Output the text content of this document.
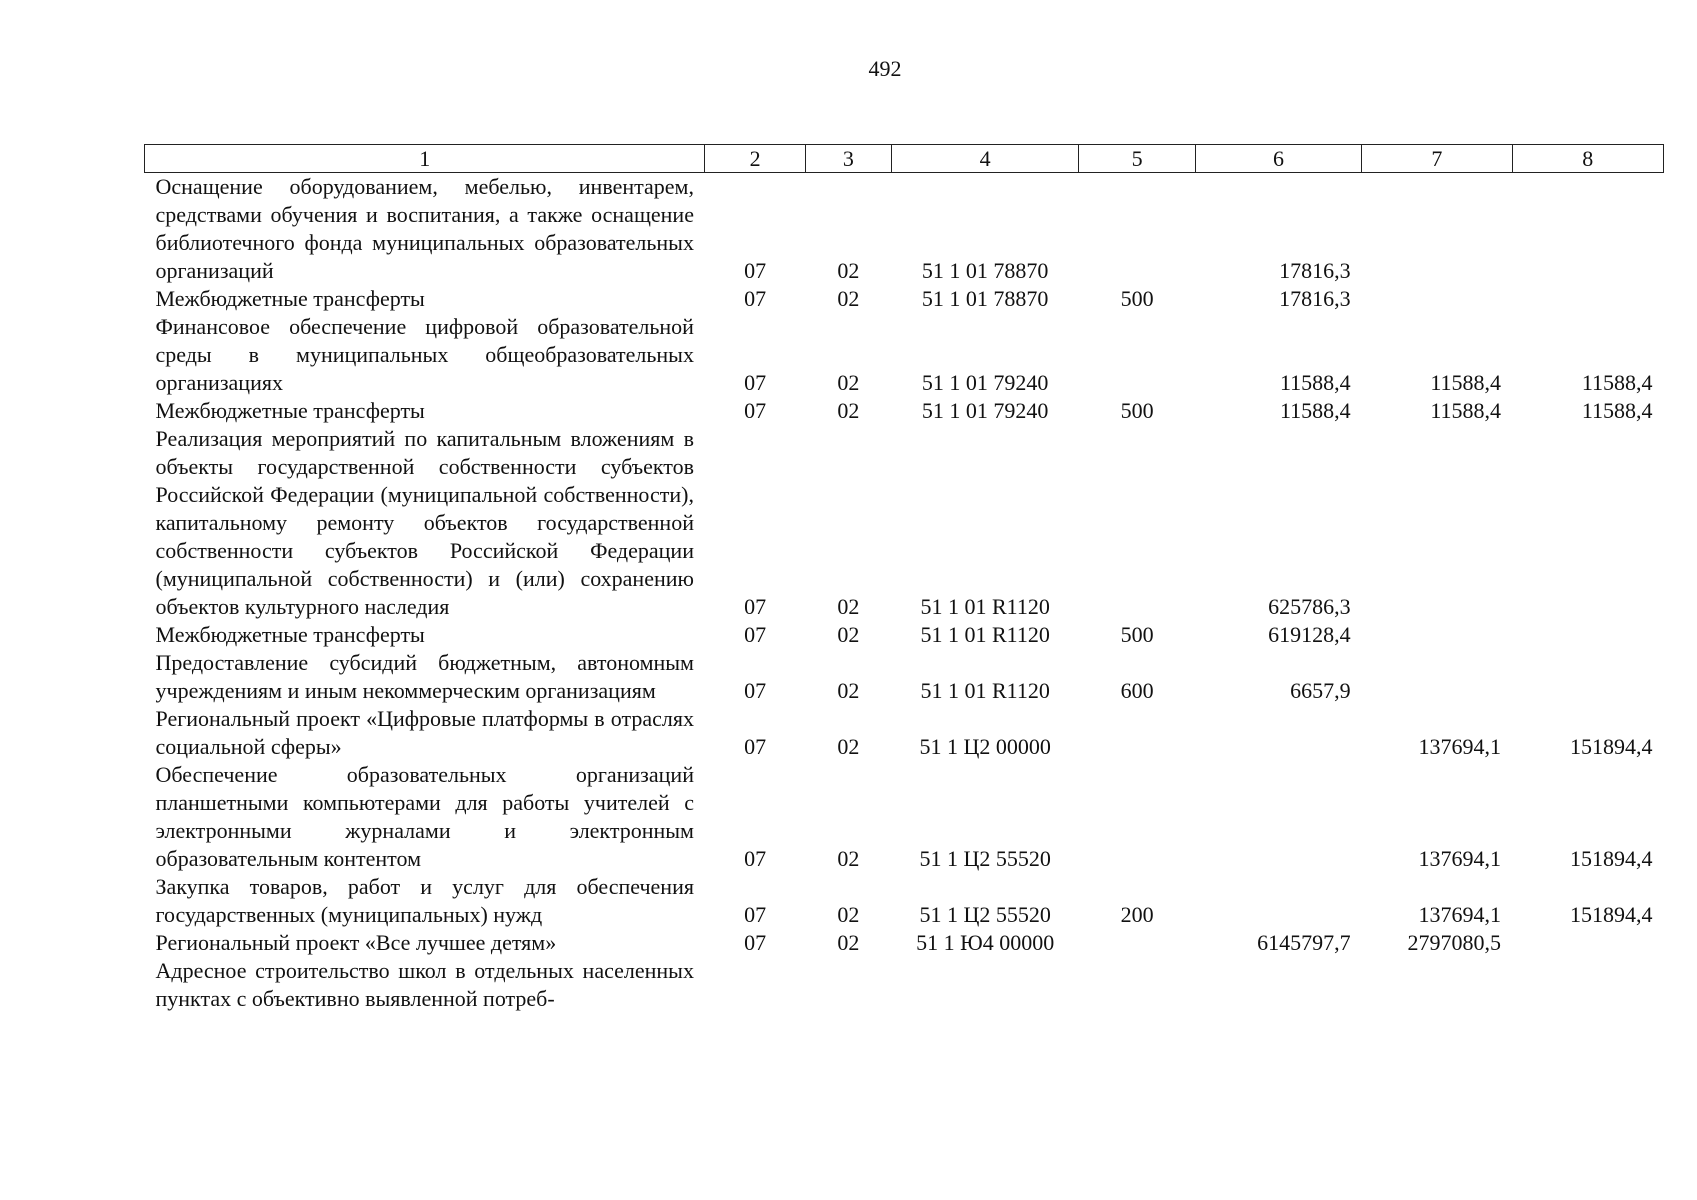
492
1	2	3	4	5	6	7	8
Оснащение оборудованием, мебелью, инвентарем, средствами обучения и воспитания, а также оснащение библиотечного фонда муниципальных образовательных организаций	07	02	51 1 01 78870		17816,3		
Межбюджетные трансферты	07	02	51 1 01 78870	500	17816,3		
Финансовое обеспечение цифровой образовательной среды в муниципальных общеобразовательных организациях	07	02	51 1 01 79240		11588,4	11588,4	11588,4
Межбюджетные трансферты	07	02	51 1 01 79240	500	11588,4	11588,4	11588,4
Реализация мероприятий по капитальным вложениям в объекты государственной собственности субъектов Российской Федерации (муниципальной собственности), капитальному ремонту объектов государственной собственности субъектов Российской Федерации (муниципальной собственности) и (или) сохранению объектов культурного наследия	07	02	51 1 01 R1120		625786,3		
Межбюджетные трансферты	07	02	51 1 01 R1120	500	619128,4		
Предоставление субсидий бюджетным, автономным учреждениям и иным некоммерческим организациям	07	02	51 1 01 R1120	600	6657,9		
Региональный проект «Цифровые платформы в отраслях социальной сферы»	07	02	51 1 Ц2 00000			137694,1	151894,4
Обеспечение образовательных организаций планшетными компьютерами для работы учителей с электронными журналами и электронным образовательным контентом	07	02	51 1 Ц2 55520			137694,1	151894,4
Закупка товаров, работ и услуг для обеспечения государственных (муниципальных) нужд	07	02	51 1 Ц2 55520	200		137694,1	151894,4
Региональный проект «Все лучшее детям»	07	02	51 1 Ю4 00000		6145797,7	2797080,5	
Адресное строительство школ в отдельных населенных пунктах с объективно выявленной потреб-							
